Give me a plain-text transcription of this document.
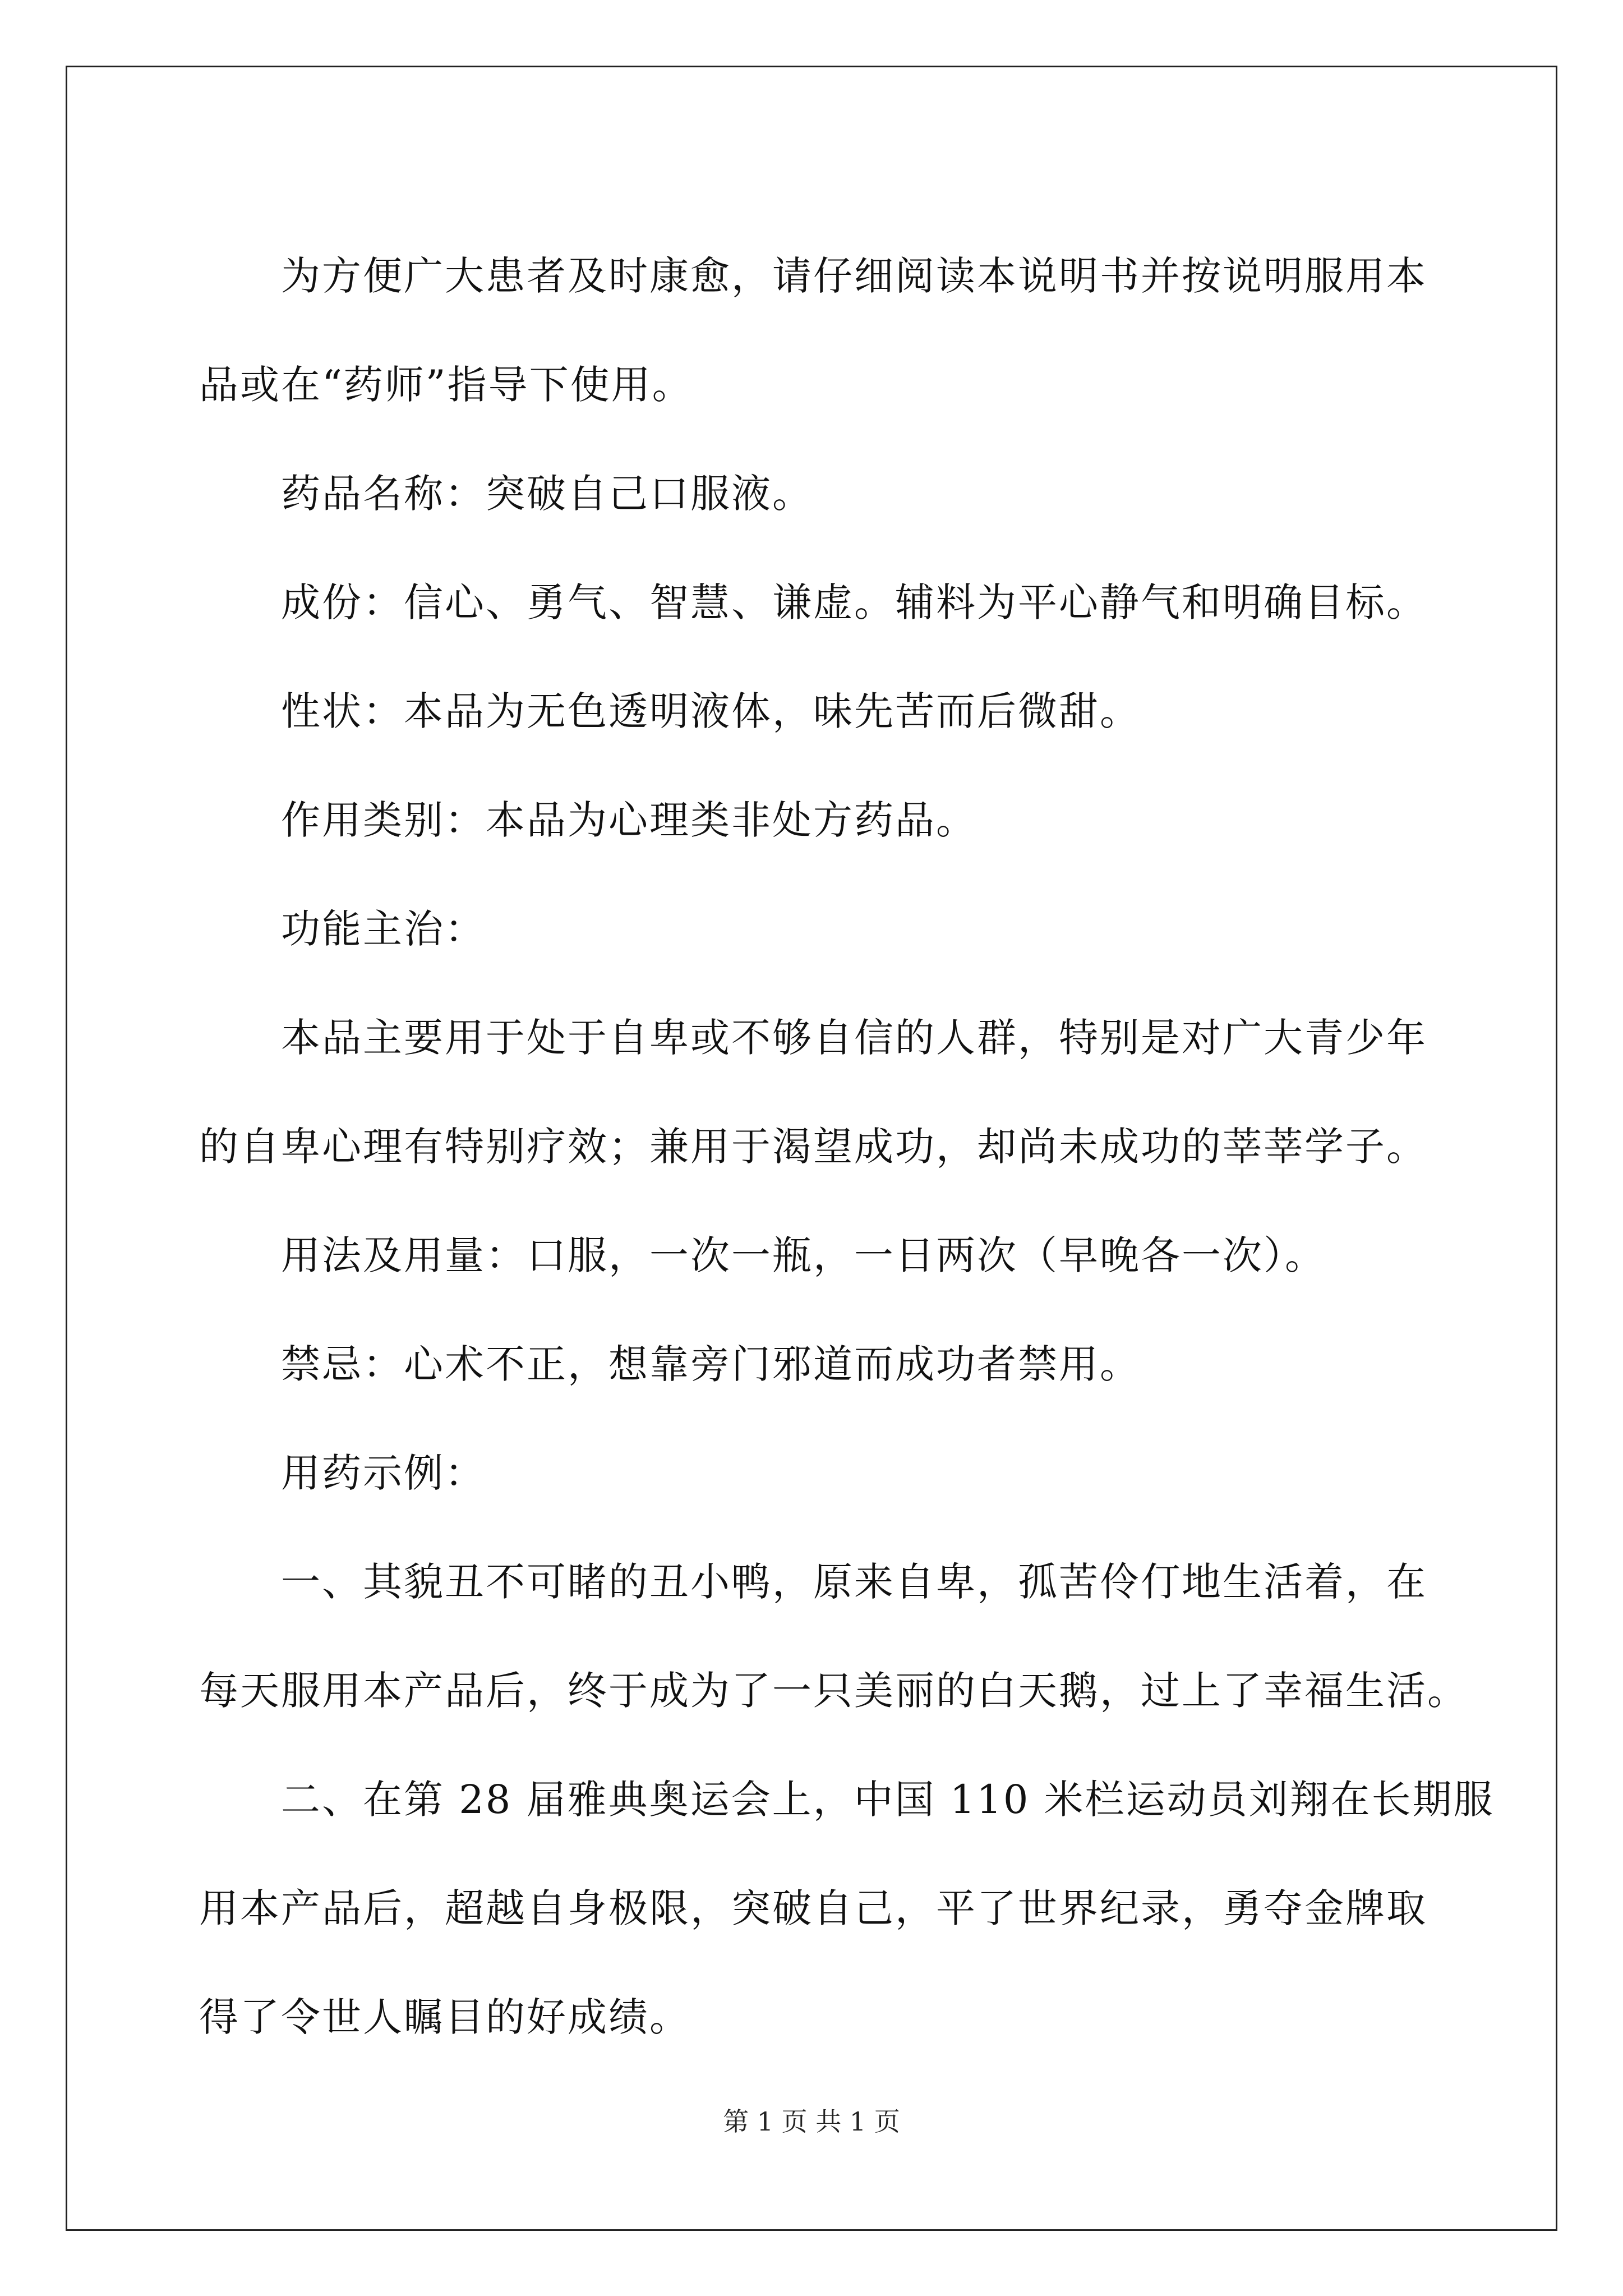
为方便广大患者及时康愈，请仔细阅读本说明书并按说明服用本

品或在“药师”指导下使用。

药品名称：突破自己口服液。

成份：信心、勇气、智慧、谦虚。辅料为平心静气和明确目标。

性状：本品为无色透明液体，味先苦而后微甜。

作用类别：本品为心理类非处方药品。

功能主治：

本品主要用于处于自卑或不够自信的人群，特别是对广大青少年

的自卑心理有特别疗效；兼用于渴望成功，却尚未成功的莘莘学子。

用法及用量：口服，一次一瓶，一日两次（早晚各一次）。

禁忌：心术不正，想靠旁门邪道而成功者禁用。

用药示例：

一、其貌丑不可睹的丑小鸭，原来自卑，孤苦伶仃地生活着，在

每天服用本产品后，终于成为了一只美丽的白天鹅，过上了幸福生活。

二、在第 28 届雅典奥运会上，中国 110 米栏运动员刘翔在长期服

用本产品后，超越自身极限，突破自己，平了世界纪录，勇夺金牌取

得了令世人瞩目的好成绩。

第 1 页 共 1 页
